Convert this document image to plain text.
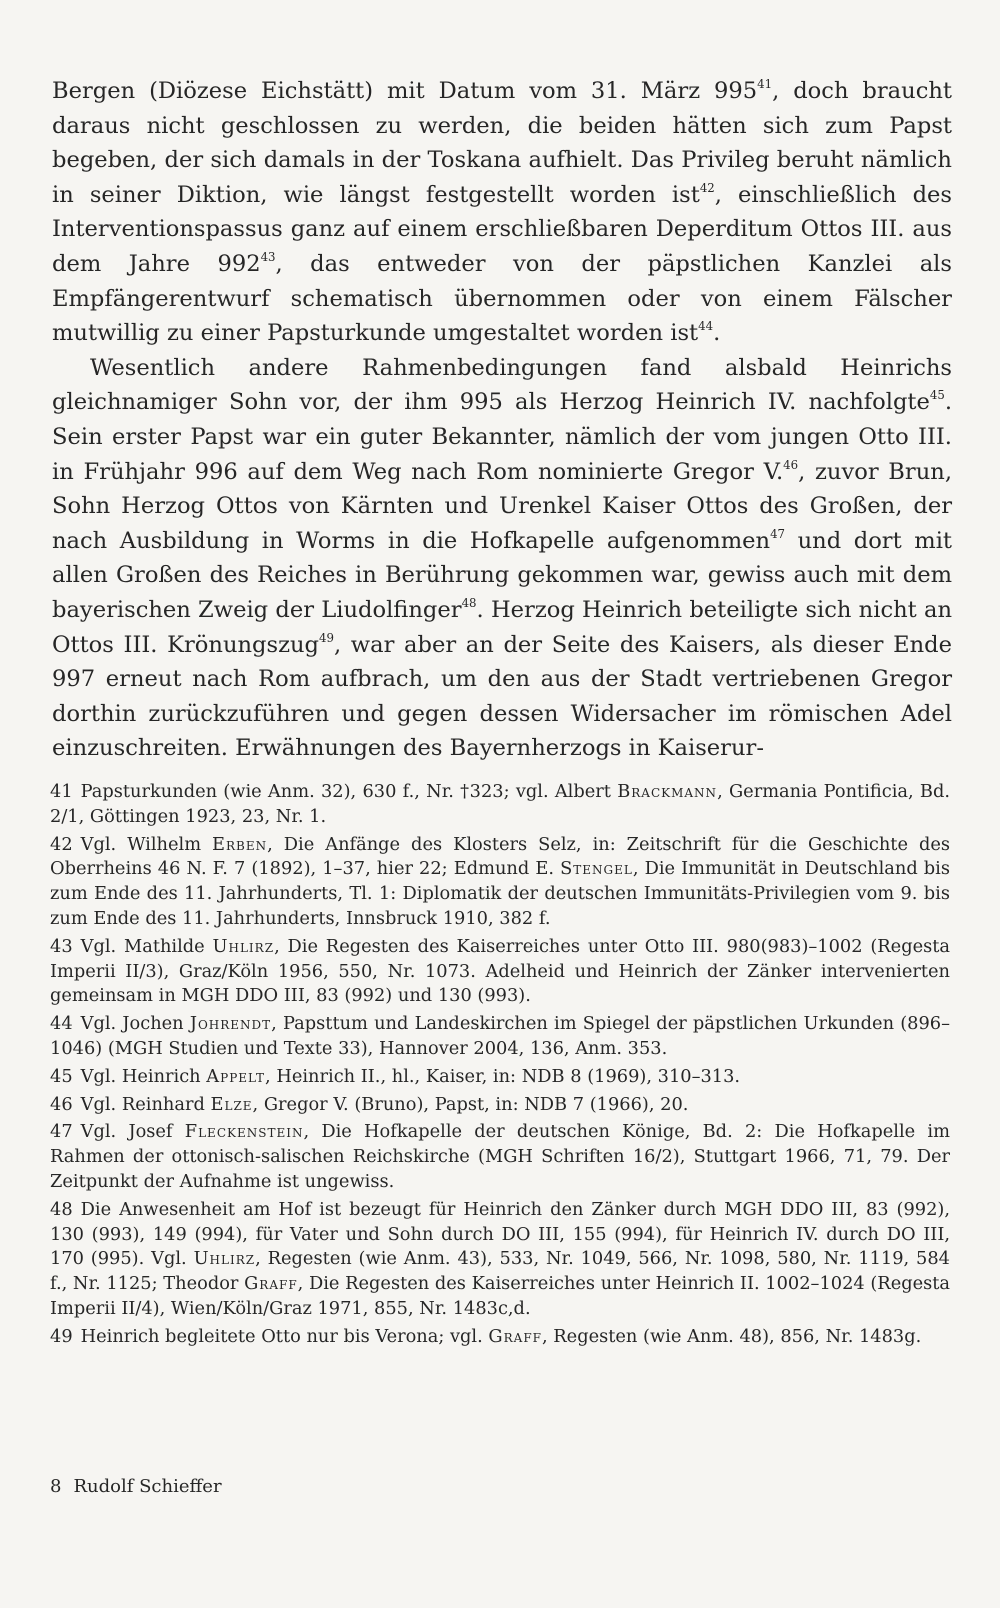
Bergen (Diözese Eichstätt) mit Datum vom 31. März $995^{41}$, doch braucht daraus nicht geschlossen zu werden, die beiden hätten sich zum Papst begeben, der sich damals in der Toskana aufhielt. Das Privileg beruht nämlich in seiner Diktion, wie längst festgestellt worden ist$^{42}$, einschließlich des Interventionspassus ganz auf einem erschließbaren Deperditum Ottos III. aus dem Jahre $992^{43}$, das entweder von der päpstlichen Kanzlei als Empfängerentwurf schematisch übernommen oder von einem Fälscher mutwillig zu einer Papsturkunde umgestaltet worden ist$^{44}$.

Wesentlich andere Rahmenbedingungen fand alsbald Heinrichs gleichnamiger Sohn vor, der ihm 995 als Herzog Heinrich IV. nachfolgte$^{45}$. Sein erster Papst war ein guter Bekannter, nämlich der vom jungen Otto III. in Frühjahr 996 auf dem Weg nach Rom nominierte Gregor V.$^{46}$, zuvor Brun, Sohn Herzog Ottos von Kärnten und Urenkel Kaiser Ottos des Großen, der nach Ausbildung in Worms in die Hofkapelle aufgenommen$^{47}$ und dort mit allen Großen des Reiches in Berührung gekommen war, gewiss auch mit dem bayerischen Zweig der Liudolfinger$^{48}$. Herzog Heinrich beteiligte sich nicht an Ottos III. Krönungszug$^{49}$, war aber an der Seite des Kaisers, als dieser Ende 997 erneut nach Rom aufbrach, um den aus der Stadt vertriebenen Gregor dorthin zurückzuführen und gegen dessen Widersacher im römischen Adel einzuschreiten. Erwähnungen des Bayernherzogs in Kaiserur-

41 Papsturkunden (wie Anm. 32), 630 f., Nr. †323; vgl. Albert Brackmann, Germania Pontificia, Bd. 2/1, Göttingen 1923, 23, Nr. 1.

42 Vgl. Wilhelm Erben, Die Anfänge des Klosters Selz, in: Zeitschrift für die Geschichte des Oberrheins 46 N. F. 7 (1892), 1–37, hier 22; Edmund E. Stengel, Die Immunität in Deutschland bis zum Ende des 11. Jahrhunderts, Tl. 1: Diplomatik der deutschen Immunitäts-Privilegien vom 9. bis zum Ende des 11. Jahrhunderts, Innsbruck 1910, 382 f.

43 Vgl. Mathilde Uhlirz, Die Regesten des Kaiserreiches unter Otto III. 980(983)–1002 (Regesta Imperii II/3), Graz/Köln 1956, 550, Nr. 1073. Adelheid und Heinrich der Zänker intervenierten gemeinsam in MGH DDO III, 83 (992) und 130 (993).

44 Vgl. Jochen Johrendt, Papsttum und Landeskirchen im Spiegel der päpstlichen Urkunden (896–1046) (MGH Studien und Texte 33), Hannover 2004, 136, Anm. 353.

45 Vgl. Heinrich Appelt, Heinrich II., hl., Kaiser, in: NDB 8 (1969), 310–313.

46 Vgl. Reinhard Elze, Gregor V. (Bruno), Papst, in: NDB 7 (1966), 20.

47 Vgl. Josef Fleckenstein, Die Hofkapelle der deutschen Könige, Bd. 2: Die Hofkapelle im Rahmen der ottonisch-salischen Reichskirche (MGH Schriften 16/2), Stuttgart 1966, 71, 79. Der Zeitpunkt der Aufnahme ist ungewiss.

48 Die Anwesenheit am Hof ist bezeugt für Heinrich den Zänker durch MGH DDO III, 83 (992), 130 (993), 149 (994), für Vater und Sohn durch DO III, 155 (994), für Heinrich IV. durch DO III, 170 (995). Vgl. Uhlirz, Regesten (wie Anm. 43), 533, Nr. 1049, 566, Nr. 1098, 580, Nr. 1119, 584 f., Nr. 1125; Theodor Graff, Die Regesten des Kaiserreiches unter Heinrich II. 1002–1024 (Regesta Imperii II/4), Wien/Köln/Graz 1971, 855, Nr. 1483c,d.

49 Heinrich begleitete Otto nur bis Verona; vgl. Graff, Regesten (wie Anm. 48), 856, Nr. 1483g.

8 Rudolf Schieffer
